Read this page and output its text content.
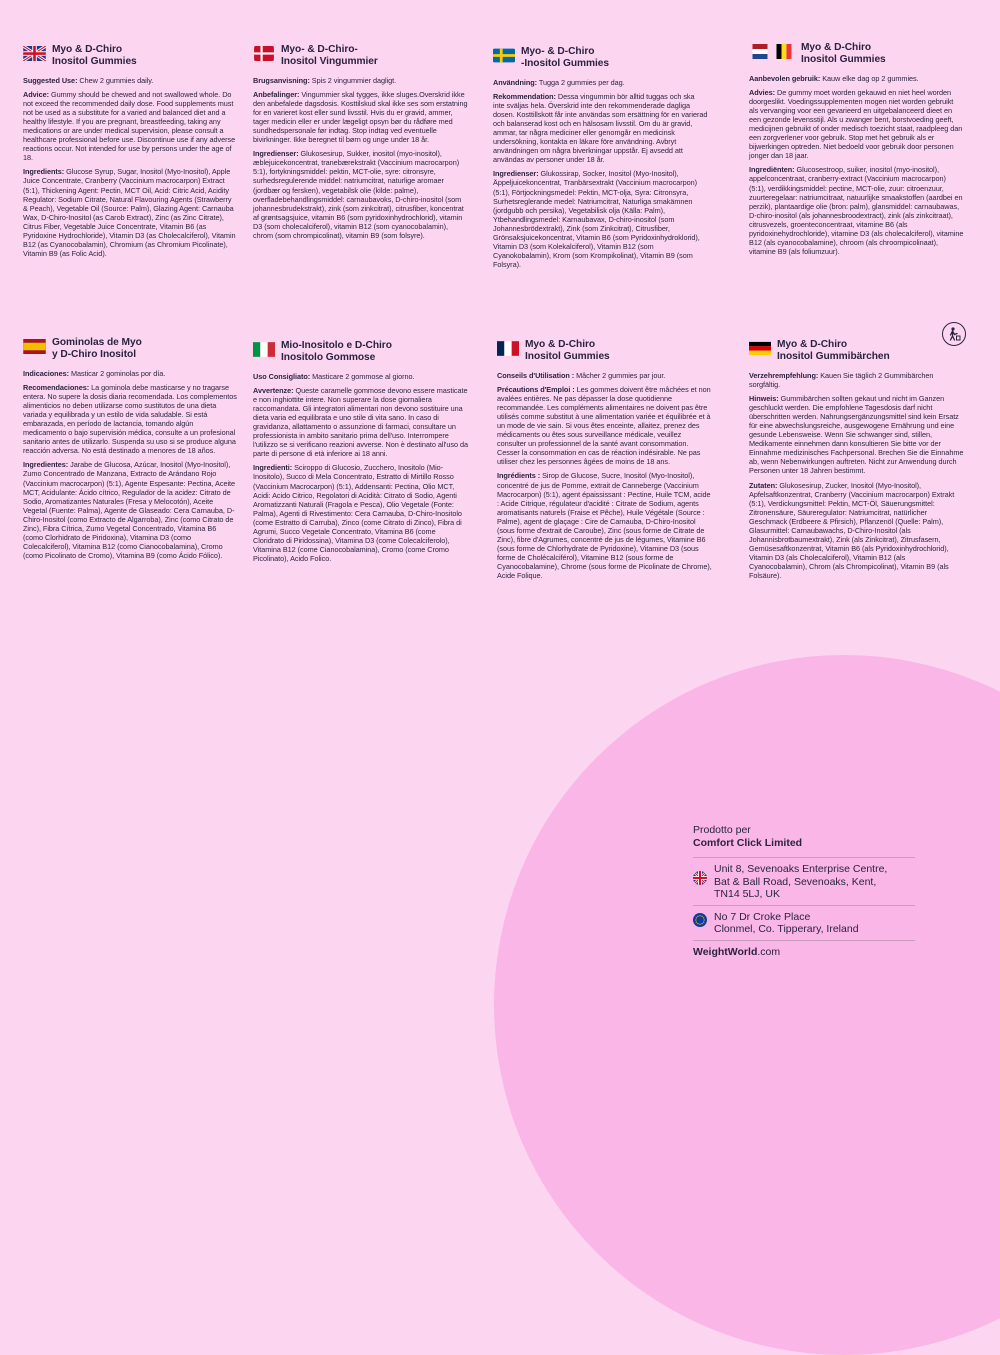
Myo & D-Chiro
Inositol Gummies

Suggested Use: Chew 2 gummies daily.

Advice: Gummy should be chewed and not swallowed whole. Do not exceed the recommended daily dose. Food supplements must not be used as a substitute for a varied and balanced diet and a healthy lifestyle. If you are pregnant, breastfeeding, taking any medications or are under medical supervision, please consult a healthcare professional before use. Discontinue use if any adverse reactions occur. Not intended for use by persons under the age of 18.

Ingredients: Glucose Syrup, Sugar, Inositol (Myo-Inositol), Apple Juice Concentrate, Cranberry (Vaccinium macrocarpon) Extract (5:1), Thickening Agent: Pectin, MCT Oil, Acid: Citric Acid, Acidity Regulator: Sodium Citrate, Natural Flavouring Agents (Strawberry & Peach), Vegetable Oil (Source: Palm), Glazing Agent: Carnauba Wax, D-Chiro-Inositol (as Carob Extract), Zinc (as Zinc Citrate), Citrus Fiber, Vegetable Juice Concentrate, Vitamin B6 (as Pyridoxine Hydrochloride), Vitamin D3 (as Cholecalciferol), Vitamin B12 (as Cyanocobalamin), Chromium (as Chromium Picolinate), Vitamin B9 (as Folic Acid).

Myo- & D-Chiro-
Inositol Vingummier

Brugsanvisning: Spis 2 vingummier dagligt.

Anbefalinger: Vingummier skal tygges, ikke sluges.Overskrid ikke den anbefalede dagsdosis. Kosttilskud skal ikke ses som erstatning for en varieret kost eller sund livsstil. Hvis du er gravid, ammer, tager medicin eller er under lægeligt opsyn bør du rådføre med sundhedspersonale før indtag. Stop indtag ved eventuelle bivirkninger. Ikke beregnet til børn og unge under 18 år.

Ingredienser: Glukosesirup, Sukker, inositol (myo-inositol), æblejuicekoncentrat, tranebærekstrakt (Vaccinium macrocarpon) 5:1), fortykningsmiddel: pektin, MCT-olie, syre: citronsyre, surhedsregulerende middel: natriumcitrat, naturlige aromaer (jordbær og fersken), vegetabilsk olie (kilde: palme), overfladebehandlingsmiddel: carnaubavoks, D-chiro-inositol (som johannesbrudekstrakt), zink (som zinkcitrat), citrusfiber, koncentrat af grøntsagsjuice, vitamin B6 (som pyridoxinhydrochlorid), vitamin D3 (som cholecalciferol), vitamin B12 (som cyanocobalamin), chrom (som chrompicolinat), vitamin B9 (som folsyre).

Myo- & D-Chiro
-Inositol Gummies

Användning: Tugga 2 gummies per dag.

Rekommendation: Dessa vingummin bör alltid tuggas och ska inte sväljas hela. Överskrid inte den rekommenderade dagliga dosen. Kosttillskott får inte användas som ersättning för en varierad och balanserad kost och en hälsosam livsstil. Om du är gravid, ammar, tar några mediciner eller genomgår en medicinsk undersökning, kontakta en läkare före användning. Avbryt användningen om några biverkningar uppstår. Ej avsedd att användas av personer under 18 år.

Ingredienser: Glukossirap, Socker, Inositol (Myo-Inositol), Äppeljuicekoncentrat, Tranbärsextrakt (Vaccinium macrocarpon) (5:1), Förtjockningsmedel: Pektin, MCT-olja, Syra: Citronsyra, Surhetsreglerande medel: Natriumcitrat, Naturliga smakämnen (jordgubb och persika), Vegetabilisk olja (Källa: Palm), Ytbehandlingsmedel: Karnaubavax, D-chiro-inositol (som Johannesbrödextrakt), Zink (som Zinkcitrat), Citrusfiber, Grönsaksjuicekoncentrat, Vitamin B6 (som Pyridoxinhydroklorid), Vitamin D3 (som Kolekalciferol), Vitamin B12 (som Cyanokobalamin), Krom (som Krompikolinat), Vitamin B9 (som Folsyra).

Myo & D-Chiro
Inositol Gummies

Aanbevolen gebruik: Kauw elke dag op 2 gummies.

Advies: De gummy moet worden gekauwd en niet heel worden doorgeslikt. Voedingssupplementen mogen niet worden gebruikt als vervanging voor een gevarieerd en uitgebalanceerd dieet en een gezonde levensstijl. Als u zwanger bent, borstvoeding geeft, medicijnen gebruikt of onder medisch toezicht staat, raadpleeg dan een zorgverlener voor gebruik. Stop met het gebruik als er bijwerkingen optreden. Niet bedoeld voor gebruik door personen jonger dan 18 jaar.

Ingrediënten: Glucosestroop, suiker, inositol (myo-inositol), appelconcentraat, cranberry-extract (Vaccinium macrocarpon) (5:1), verdikkingsmiddel: pectine, MCT-olie, zuur: citroenzuur, zuurteregelaar: natriumcitraat, natuurlijke smaakstoffen (aardbei en perzik), plantaardige olie (bron: palm), glansmiddel: carnaubawas, D-chiro-inositol (als johannesbroodextract), zink (als zinkcitraat), citrusvezels, groenteconcentraat, vitamine B6 (als pyridoxinehydrochloride), vitamine D3 (als cholecalciferol), vitamine B12 (als cyanocobalamine), chroom (als chroompicolinaat), vitamine B9 (als foliumzuur).

Gominolas de Myo
y D-Chiro Inositol

Indicaciones: Masticar 2 gominolas por día.

Recomendaciones: La gominola debe masticarse y no tragarse entera. No supere la dosis diaria recomendada. Los complementos alimenticios no deben utilizarse como sustitutos de una dieta variada y equilibrada y un estilo de vida saludable. Si está embarazada, en período de lactancia, tomando algún medicamento o bajo supervisión médica, consulte a un profesional sanitario antes de utilizarlo. Suspenda su uso si se produce alguna reacción adversa. No está destinado a menores de 18 años.

Ingredientes: Jarabe de Glucosa, Azúcar, Inositol (Myo-Inositol), Zumo Concentrado de Manzana, Extracto de Arándano Rojo (Vaccinium macrocarpon) (5:1), Agente Espesante: Pectina, Aceite MCT, Acidulante: Ácido cítrico, Regulador de la acidez: Citrato de Sodio, Aromatizantes Naturales (Fresa y Melocotón), Aceite Vegetal (Fuente: Palma), Agente de Glaseado: Cera Carnauba, D-Chiro-Inositol (como Extracto de Algarroba), Zinc (como Citrato de Zinc), Fibra Cítrica, Zumo Vegetal Concentrado, Vitamina B6 (como Clorhidrato de Piridoxina), Vitamina D3 (como Colecalciferol), Vitamina B12 (como Cianocobalamina), Cromo (como Picolinato de Cromo), Vitamina B9 (como Ácido Fólico).

Mio-Inositolo e D-Chiro
Inositolo Gommose

Uso Consigliato: Masticare 2 gommose al giorno.

Avvertenze: Queste caramelle gommose devono essere masticate e non inghiottite intere. Non superare la dose giornaliera raccomandata. Gli integratori alimentari non devono sostituire una dieta varia ed equilibrata e uno stile di vita sano. In caso di gravidanza, allattamento o assunzione di farmaci, consultare un professionista in ambito sanitario prima dell'uso. Interrompere l'utilizzo se si verificano reazioni avverse. Non è destinato all'uso da parte di persone di età inferiore ai 18 anni.

Ingredienti: Sciroppo di Glucosio, Zucchero, Inositolo (Mio-Inositolo), Succo di Mela Concentrato, Estratto di Mirtillo Rosso (Vaccinium Macrocarpon) (5:1), Addensanti: Pectina, Olio MCT, Acidi: Acido Citrico, Regolatori di Acidità: Citrato di Sodio, Agenti Aromatizzanti Naturali (Fragola e Pesca), Olio Vegetale (Fonte: Palma), Agenti di Rivestimento: Cera Carnauba, D-Chiro-Inositolo (come Estratto di Carruba), Zinco (come Citrato di Zinco), Fibra di Agrumi, Succo Vegetale Concentrato, Vitamina B6 (come Cloridrato di Piridossina), Vitamina D3 (come Colecalciferolo), Vitamina B12 (come Cianocobalamina), Cromo (come Cromo Picolinato), Acido Folico.

Myo & D-Chiro
Inositol Gummies

Conseils d'Utilisation : Mâcher 2 gummies par jour.

Précautions d'Emploi : Les gommes doivent être mâchées et non avalées entières. Ne pas dépasser la dose quotidienne recommandée. Les compléments alimentaires ne doivent pas être utilisés comme substitut à une alimentation variée et équilibrée et à un mode de vie sain. Si vous êtes enceinte, allaitez, prenez des médicaments ou êtes sous surveillance médicale, veuillez consulter un professionnel de la santé avant consommation. Cesser la consommation en cas de réaction indésirable. Ne pas utiliser chez les personnes âgées de moins de 18 ans.

Ingrédients : Sirop de Glucose, Sucre, Inositol (Myo-Inositol), concentré de jus de Pomme, extrait de Canneberge (Vaccinium Macrocarpon) (5:1), agent épaississant : Pectine, Huile TCM, acide : Acide Citrique, régulateur d'acidité : Citrate de Sodium, agents aromatisants naturels (Fraise et Pêche), Huile Végétale (Source : Palme), agent de glaçage : Cire de Carnauba, D-Chiro-Inositol (sous forme d'extrait de Caroube), Zinc (sous forme de Citrate de Zinc), fibre d'Agrumes, concentré de jus de légumes, Vitamine B6 (sous forme de Chlorhydrate de Pyridoxine), Vitamine D3 (sous forme de Cholécalciférol), Vitamine B12 (sous forme de Cyanocobalamine), Chrome (sous forme de Picolinate de Chrome), Acide Folique.

Myo & D-Chiro
Inositol Gummibärchen

Verzehrempfehlung: Kauen Sie täglich 2 Gummibärchen sorgfältig.

Hinweis: Gummibärchen sollten gekaut und nicht im Ganzen geschluckt werden. Die empfohlene Tagesdosis darf nicht überschritten werden. Nahrungsergänzungsmittel sind kein Ersatz für eine abwechslungsreiche, ausgewogene Ernährung und eine gesunde Lebensweise. Wenn Sie schwanger sind, stillen, Medikamente einnehmen dann konsultieren Sie bitte vor der Einnahme medizinisches Fachpersonal. Brechen Sie die Einnahme ab, wenn Nebenwirkungen auftreten. Nicht zur Anwendung durch Personen unter 18 Jahren bestimmt.

Zutaten: Glukosesirup, Zucker, Inositol (Myo-Inositol), Apfelsaftkonzentrat, Cranberry (Vaccinium macrocarpon) Extrakt (5:1), Verdickungsmittel: Pektin, MCT-Öl, Säuerungsmittel: Zitronensäure, Säureregulator: Natriumcitrat, natürlicher Geschmack (Erdbeere & Pfirsich), Pflanzenöl (Quelle: Palm), Glasurmittel: Carnaubawachs, D-Chiro-Inositol (als Johannisbrotbaumextrakt), Zink (als Zinkcitrat), Zitrusfasern, Gemüsesaftkonzentrat, Vitamin B6 (als Pyridoxinhydrochlorid), Vitamin D3 (als Cholecalciferol), Vitamin B12 (als Cyanocobalamin), Chrom (als Chrompicolinat), Vitamin B9 (als Folsäure).

Prodotto per
Comfort Click Limited
Unit 8, Sevenoaks Enterprise Centre,
Bat & Ball Road, Sevenoaks, Kent,
TN14 5LJ, UK
No 7 Dr Croke Place
Clonmel, Co. Tipperary, Ireland
WeightWorld.com
